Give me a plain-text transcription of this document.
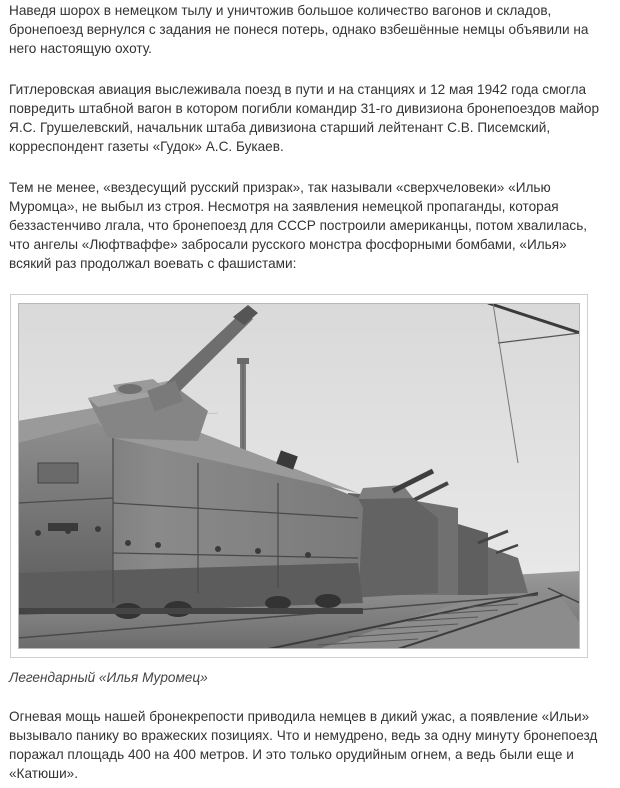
Наведя шорох в немецком тылу и уничтожив большое количество вагонов и складов, бронепоезд вернулся с задания не понеся потерь, однако взбешённые немцы объявили на него настоящую охоту.

Гитлеровская авиация выслеживала поезд в пути и на станциях и 12 мая 1942 года смогла повредить штабной вагон в котором погибли командир 31-го дивизиона бронепоездов майор Я.С. Грушелевский, начальник штаба дивизиона старший лейтенант С.В. Писемский, корреспондент газеты «Гудок» А.С. Букаев.

Тем не менее, «вездесущий русский призрак», так называли «сверхчеловеки» «Илью Муромца», не выбыл из строя. Несмотря на заявления немецкой пропаганды, которая беззастенчиво лгала, что бронепоезд для СССР построили американцы, потом хвалилась, что ангелы «Люфтваффе» забросали русского монстра фосфорными бомбами, «Илья» всякий раз продолжал воевать с фашистами:

Легендарный «Илья Муромец»

Огневая мощь нашей бронекрепости приводила немцев в дикий ужас, а появление «Ильи» вызывало панику во вражеских позициях. Что и немудрено, ведь за одну минуту бронепоезд поражал площадь 400 на 400 метров. И это только орудийным огнем, а ведь были еще и «Катюши».
